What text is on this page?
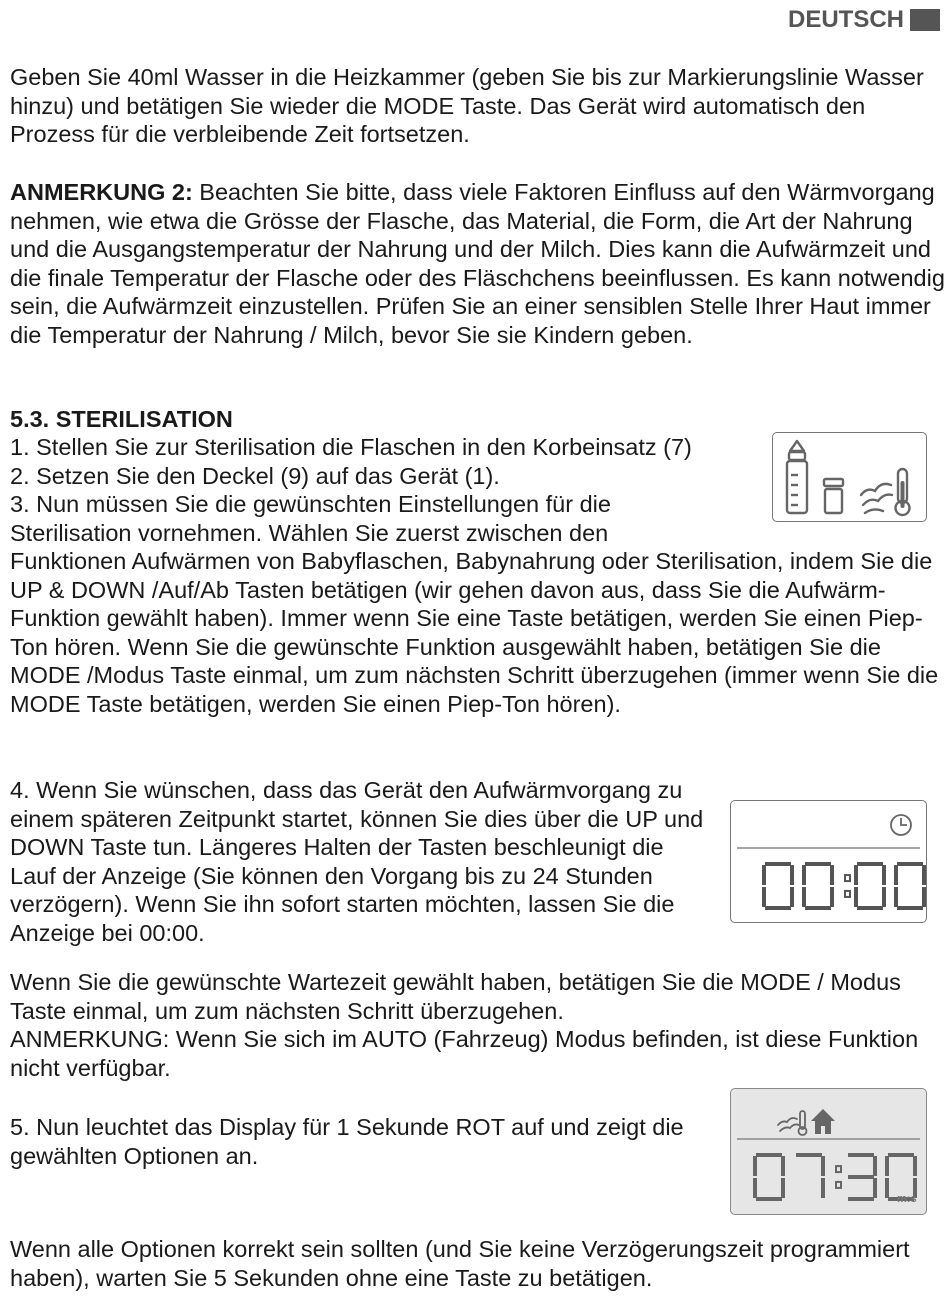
DEUTSCH

Geben Sie 40ml Wasser in die Heizkammer (geben Sie bis zur Markierungslinie Wasser hinzu) und betätigen Sie wieder die MODE Taste. Das Gerät wird automatisch den Prozess für die verbleibende Zeit fortsetzen.

ANMERKUNG 2: Beachten Sie bitte, dass viele Faktoren Einfluss auf den Wärmvorgang nehmen, wie etwa die Grösse der Flasche, das Material, die Form, die Art der Nahrung und die Ausgangstemperatur der Nahrung und der Milch. Dies kann die Aufwärmzeit und die finale Temperatur der Flasche oder des Fläschchens beeinflussen. Es kann notwendig sein, die Aufwärmzeit einzustellen. Prüfen Sie an einer sensiblen Stelle Ihrer Haut immer die Temperatur der Nahrung / Milch, bevor Sie sie Kindern geben.

5.3. STERILISATION

1. Stellen Sie zur Sterilisation die Flaschen in den Korbeinsatz (7)

2. Setzen Sie den Deckel (9) auf das Gerät (1).

3. Nun müssen Sie die gewünschten Einstellungen für die

Sterilisation vornehmen. Wählen Sie zuerst zwischen den

Funktionen Aufwärmen von Babyflaschen, Babynahrung oder Sterilisation, indem Sie die UP & DOWN /Auf/Ab Tasten betätigen (wir gehen davon aus, dass Sie die Aufwärm-Funktion gewählt haben). Immer wenn Sie eine Taste betätigen, werden Sie einen Piep-Ton hören. Wenn Sie die gewünschte Funktion ausgewählt haben, betätigen Sie die MODE /Modus Taste einmal, um zum nächsten Schritt überzugehen (immer wenn Sie die MODE Taste betätigen, werden Sie einen Piep-Ton hören).

4. Wenn Sie wünschen, dass das Gerät den Aufwärmvorgang zu einem späteren Zeitpunkt startet, können Sie dies über die UP und DOWN Taste tun. Längeres Halten der Tasten beschleunigt die Lauf der Anzeige (Sie können den Vorgang bis zu 24 Stunden verzögern). Wenn Sie ihn sofort starten möchten, lassen Sie die Anzeige bei 00:00.

Wenn Sie die gewünschte Wartezeit gewählt haben, betätigen Sie die MODE / Modus Taste einmal, um zum nächsten Schritt überzugehen.

ANMERKUNG: Wenn Sie sich im AUTO (Fahrzeug) Modus befinden, ist diese Funktion nicht verfügbar.

5. Nun leuchtet das Display für 1 Sekunde ROT auf und zeigt die gewählten Optionen an.

m:s

Wenn alle Optionen korrekt sein sollten (und Sie keine Verzögerungszeit programmiert haben), warten Sie 5 Sekunden ohne eine Taste zu betätigen.
